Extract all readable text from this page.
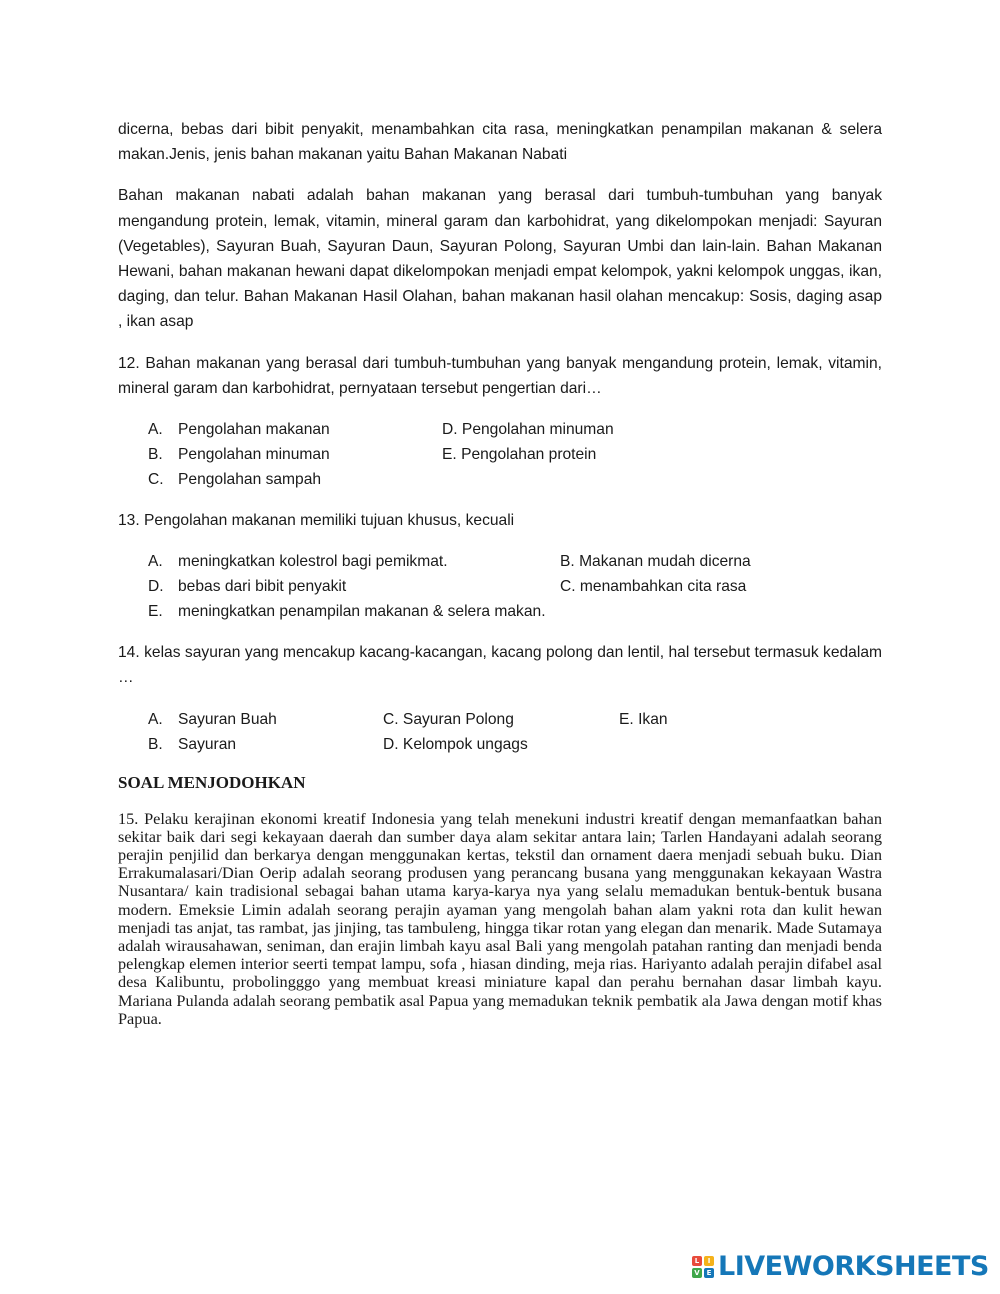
dicerna, bebas dari bibit penyakit, menambahkan cita rasa, meningkatkan penampilan makanan & selera makan.Jenis, jenis bahan makanan yaitu Bahan Makanan Nabati

Bahan makanan nabati adalah bahan makanan yang berasal dari tumbuh-tumbuhan yang banyak mengandung protein, lemak, vitamin, mineral garam dan karbohidrat, yang dikelompokan menjadi: Sayuran (Vegetables), Sayuran Buah, Sayuran Daun, Sayuran Polong, Sayuran Umbi dan lain-lain. Bahan Makanan Hewani, bahan makanan hewani dapat dikelompokan menjadi empat kelompok, yakni kelompok unggas, ikan, daging, dan telur. Bahan Makanan Hasil Olahan, bahan makanan hasil olahan mencakup: Sosis, daging asap , ikan asap

12. Bahan makanan yang berasal dari tumbuh-tumbuhan yang banyak mengandung protein, lemak, vitamin, mineral garam dan karbohidrat, pernyataan tersebut pengertian dari…

A. Pengolahan makanan	D. Pengolahan minuman
B. Pengolahan minuman	E. Pengolahan protein
C. Pengolahan sampah

13. Pengolahan makanan memiliki tujuan khusus, kecuali

A. meningkatkan kolestrol bagi pemikmat.	B. Makanan mudah dicerna
D. bebas dari bibit penyakit	C. menambahkan cita rasa
E. meningkatkan penampilan makanan & selera makan.

14. kelas sayuran yang mencakup kacang-kacangan, kacang polong dan lentil, hal tersebut termasuk kedalam …

A. Sayuran Buah	C. Sayuran Polong	E. Ikan
B. Sayuran	D. Kelompok ungags
SOAL MENJODOHKAN

15. Pelaku kerajinan ekonomi kreatif Indonesia yang telah menekuni industri kreatif dengan memanfaatkan bahan sekitar baik dari segi kekayaan daerah dan sumber daya alam sekitar antara lain; Tarlen Handayani adalah seorang perajin penjilid dan berkarya dengan menggunakan kertas, tekstil dan ornament daera menjadi sebuah buku. Dian Errakumalasari/Dian Oerip adalah seorang produsen yang perancang busana yang menggunakan kekayaan Wastra Nusantara/ kain tradisional sebagai bahan utama karya-karya nya yang selalu memadukan bentuk-bentuk busana modern. Emeksie Limin adalah seorang perajin ayaman yang mengolah bahan alam yakni rota dan kulit hewan menjadi tas anjat, tas rambat, jas jinjing, tas tambuleng, hingga tikar rotan yang elegan dan menarik. Made Sutamaya adalah wirausahawan, seniman, dan erajin limbah kayu asal Bali yang mengolah patahan ranting dan menjadi benda pelengkap elemen interior seerti tempat lampu, sofa , hiasan dinding, meja rias. Hariyanto adalah perajin difabel asal desa Kalibuntu, probolingggo yang membuat kreasi miniature kapal dan perahu bernahan dasar limbah kayu. Mariana Pulanda adalah seorang pembatik asal Papua yang memadukan teknik pembatik ala Jawa dengan motif khas Papua.

L	I
V E LIVEWORKSHEETS
